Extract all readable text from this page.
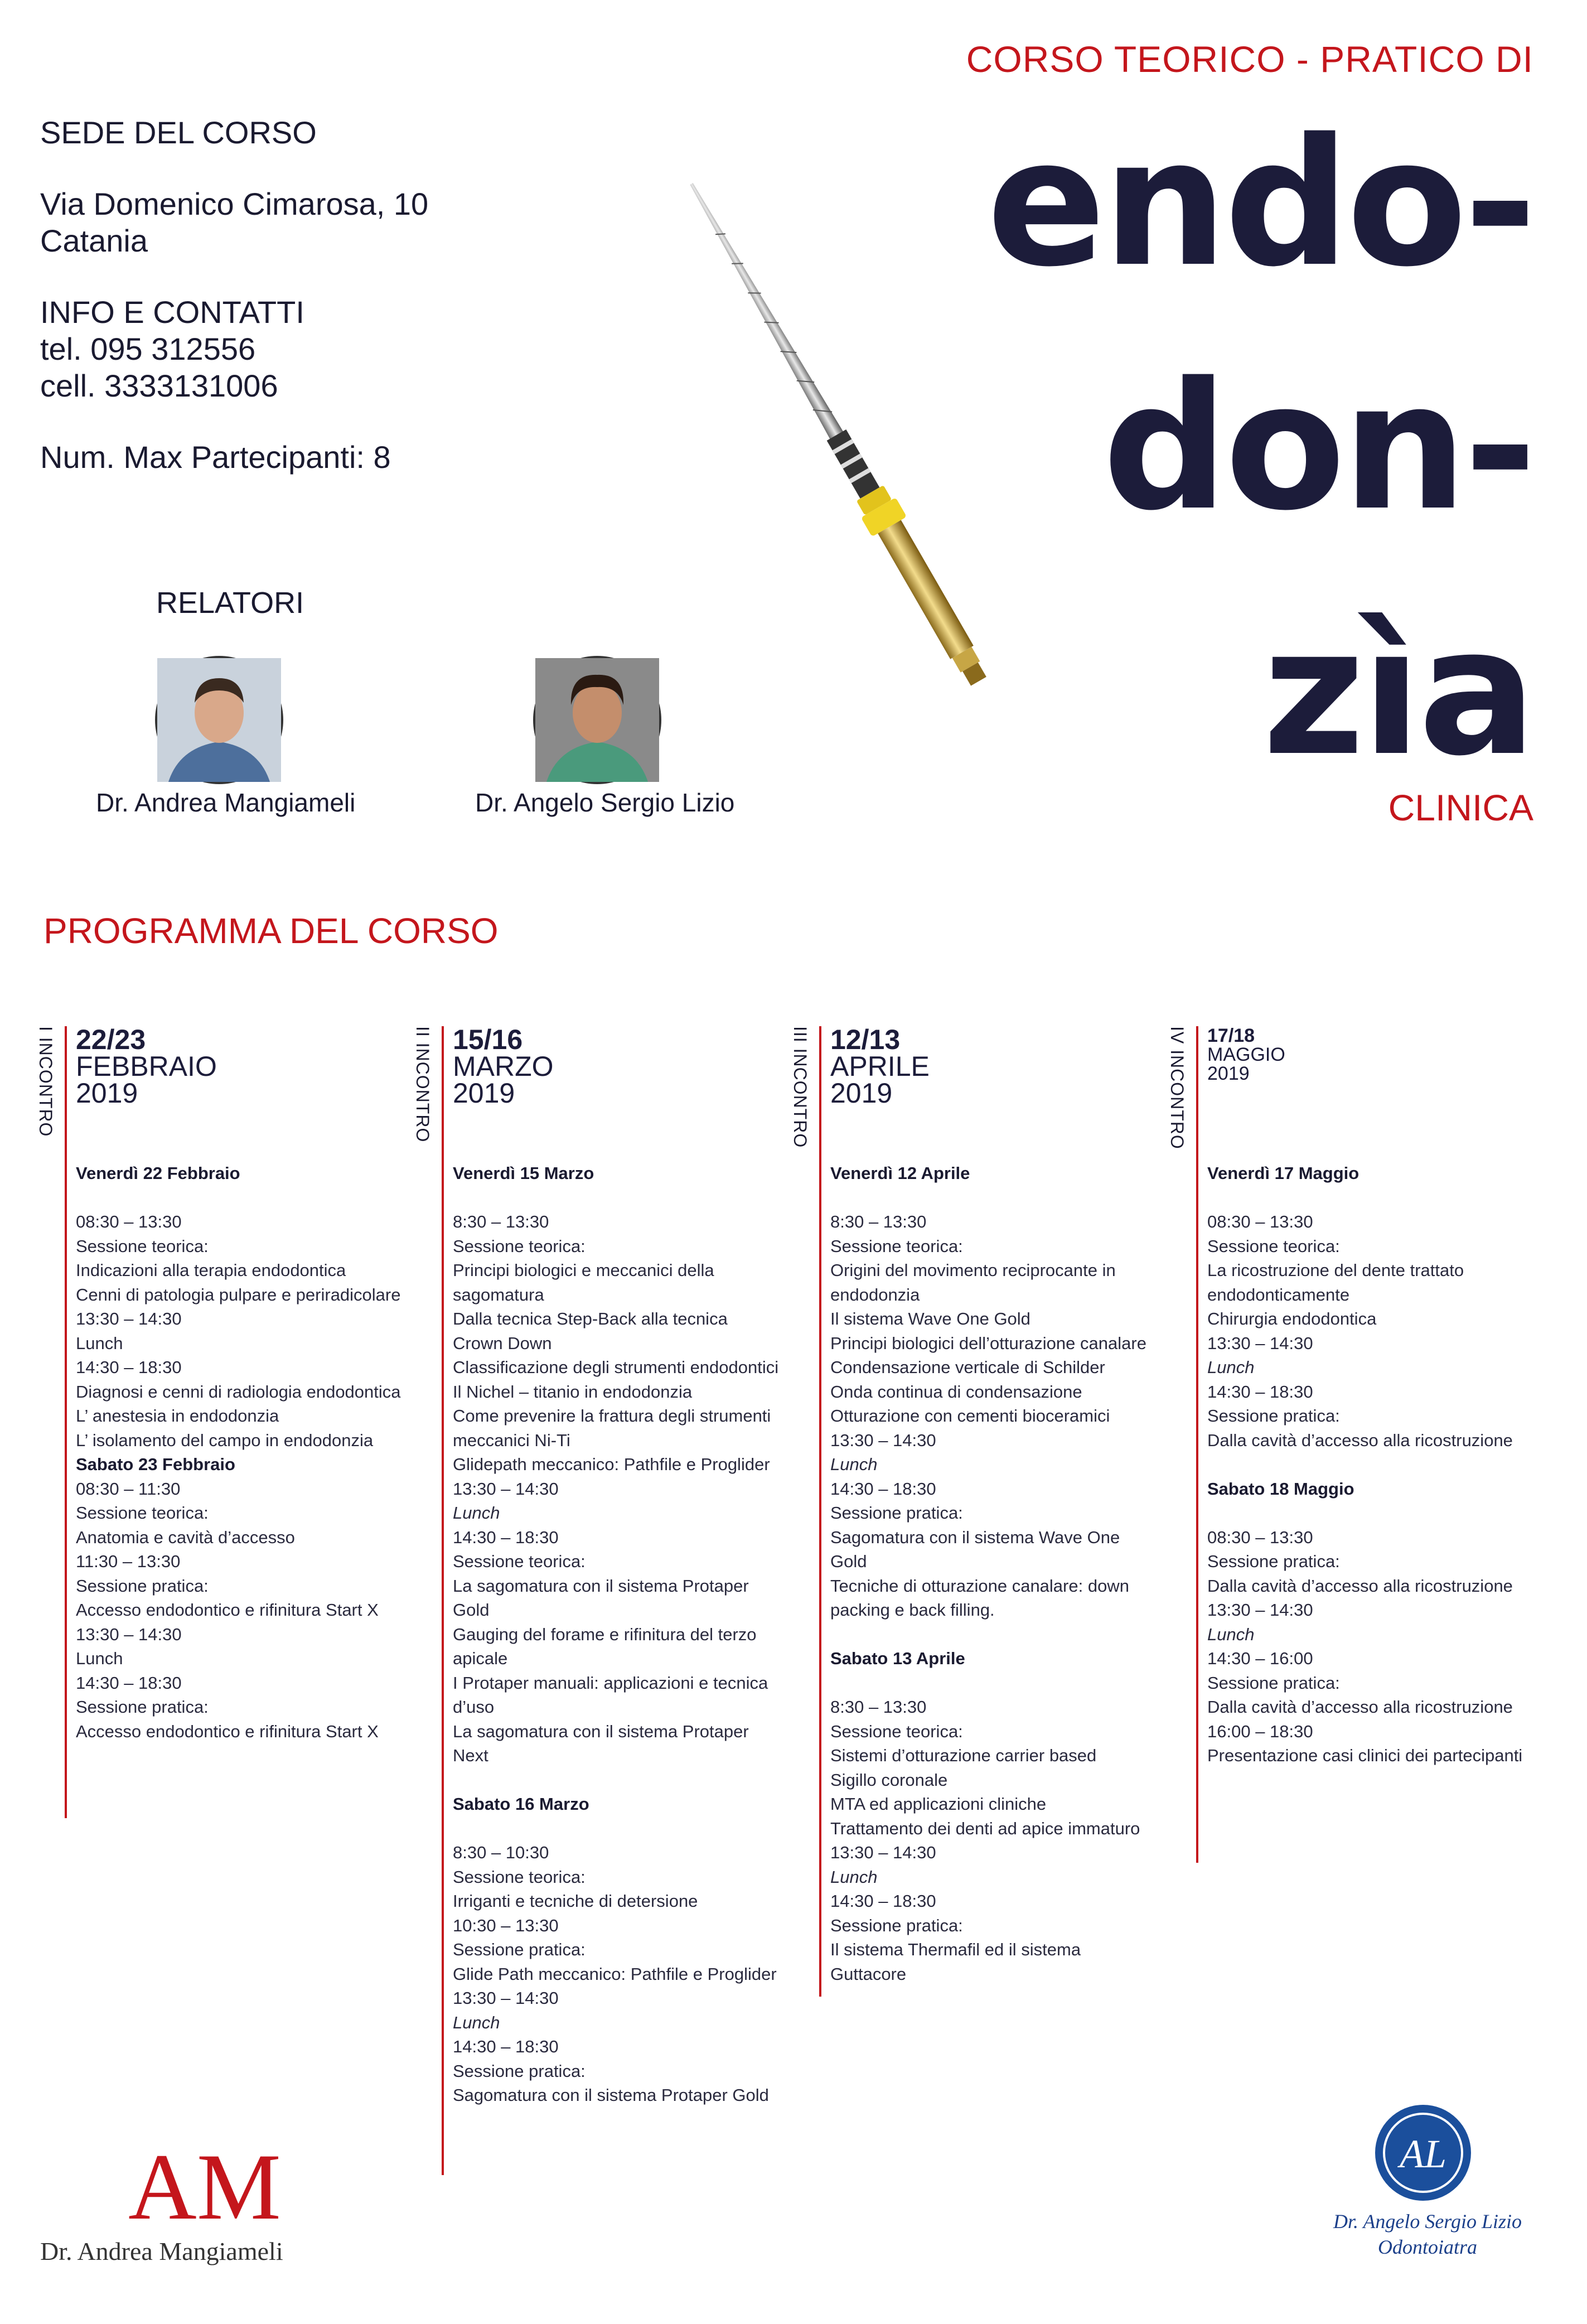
CORSO TEORICO - PRATICO DI
endo-
don-
zìa
CLINICA
SEDE DEL CORSO
Via Domenico Cimarosa, 10
Catania
INFO E CONTATTI
tel. 095 312556
cell. 3333131006
Num. Max Partecipanti: 8
RELATORI
Dr. Andrea Mangiameli	Dr. Angelo Sergio Lizio
PROGRAMMA DEL CORSO
I INCONTRO 22/23
FEBBRAIO
2019
Venerdì 22 Febbraio
08:30 – 13:30
Sessione teorica:
Indicazioni alla terapia endodontica
Cenni di patologia pulpare e periradicolare
13:30 – 14:30
Lunch
14:30 – 18:30
Diagnosi e cenni di radiologia endodontica
L’ anestesia in endodonzia
L’ isolamento del campo in endodonzia
Sabato 23 Febbraio
08:30 – 11:30
Sessione teorica:
Anatomia e cavità d’accesso
11:30 – 13:30
Sessione pratica:
Accesso endodontico e rifinitura Start X
13:30 – 14:30
Lunch
14:30 – 18:30
Sessione pratica:
Accesso endodontico e rifinitura Start X
II INCONTRO 15/16
MARZO
2019
Venerdì 15 Marzo
8:30 – 13:30
Sessione teorica:
Principi biologici e meccanici della sagomatura
Dalla tecnica Step-Back alla tecnica Crown Down
Classificazione degli strumenti endodontici
Il Nichel – titanio in endodonzia
Come prevenire la frattura degli strumenti meccanici Ni-Ti
Glidepath meccanico: Pathfile e Proglider
13:30 – 14:30
Lunch
14:30 – 18:30
Sessione teorica:
La sagomatura con il sistema Protaper Gold
Gauging del forame e rifinitura del terzo apicale
I Protaper manuali: applicazioni e tecnica d’uso
La sagomatura con il sistema Protaper Next
Sabato 16 Marzo
8:30 – 10:30
Sessione teorica:
Irriganti e tecniche di detersione
10:30 – 13:30
Sessione pratica:
Glide Path meccanico: Pathfile e Proglider
13:30 – 14:30
Lunch
14:30 – 18:30
Sessione pratica:
Sagomatura con il sistema Protaper Gold
III INCONTRO 12/13
APRILE
2019
Venerdì 12 Aprile
8:30 – 13:30
Sessione teorica:
Origini del movimento reciprocante in endodonzia
Il sistema Wave One Gold
Principi biologici dell’otturazione canalare
Condensazione verticale di Schilder
Onda continua di condensazione
Otturazione con cementi bioceramici
13:30 – 14:30
Lunch
14:30 – 18:30
Sessione pratica:
Sagomatura con il sistema Wave One Gold
Tecniche di otturazione canalare: down packing e back filling.
Sabato 13 Aprile
8:30 – 13:30
Sessione teorica:
Sistemi d’otturazione carrier based
Sigillo coronale
MTA ed applicazioni cliniche
Trattamento dei denti ad apice immaturo
13:30 – 14:30
Lunch
14:30 – 18:30
Sessione pratica:
Il sistema Thermafil ed il sistema Guttacore
IV INCONTRO 17/18
MAGGIO
2019
Venerdì 17 Maggio
08:30 – 13:30
Sessione teorica:
La ricostruzione del dente trattato endodonticamente
Chirurgia endodontica
13:30 – 14:30
Lunch
14:30 – 18:30
Sessione pratica:
Dalla cavità d’accesso alla ricostruzione
Sabato 18 Maggio
08:30 – 13:30
Sessione pratica:
Dalla cavità d’accesso alla ricostruzione
13:30 – 14:30
Lunch
14:30 – 16:00
Sessione pratica:
Dalla cavità d’accesso alla ricostruzione
16:00 – 18:30
Presentazione casi clinici dei partecipanti
AM
Dr. Andrea Mangiameli
AL
Dr. Angelo Sergio Lizio
Odontoiatra
